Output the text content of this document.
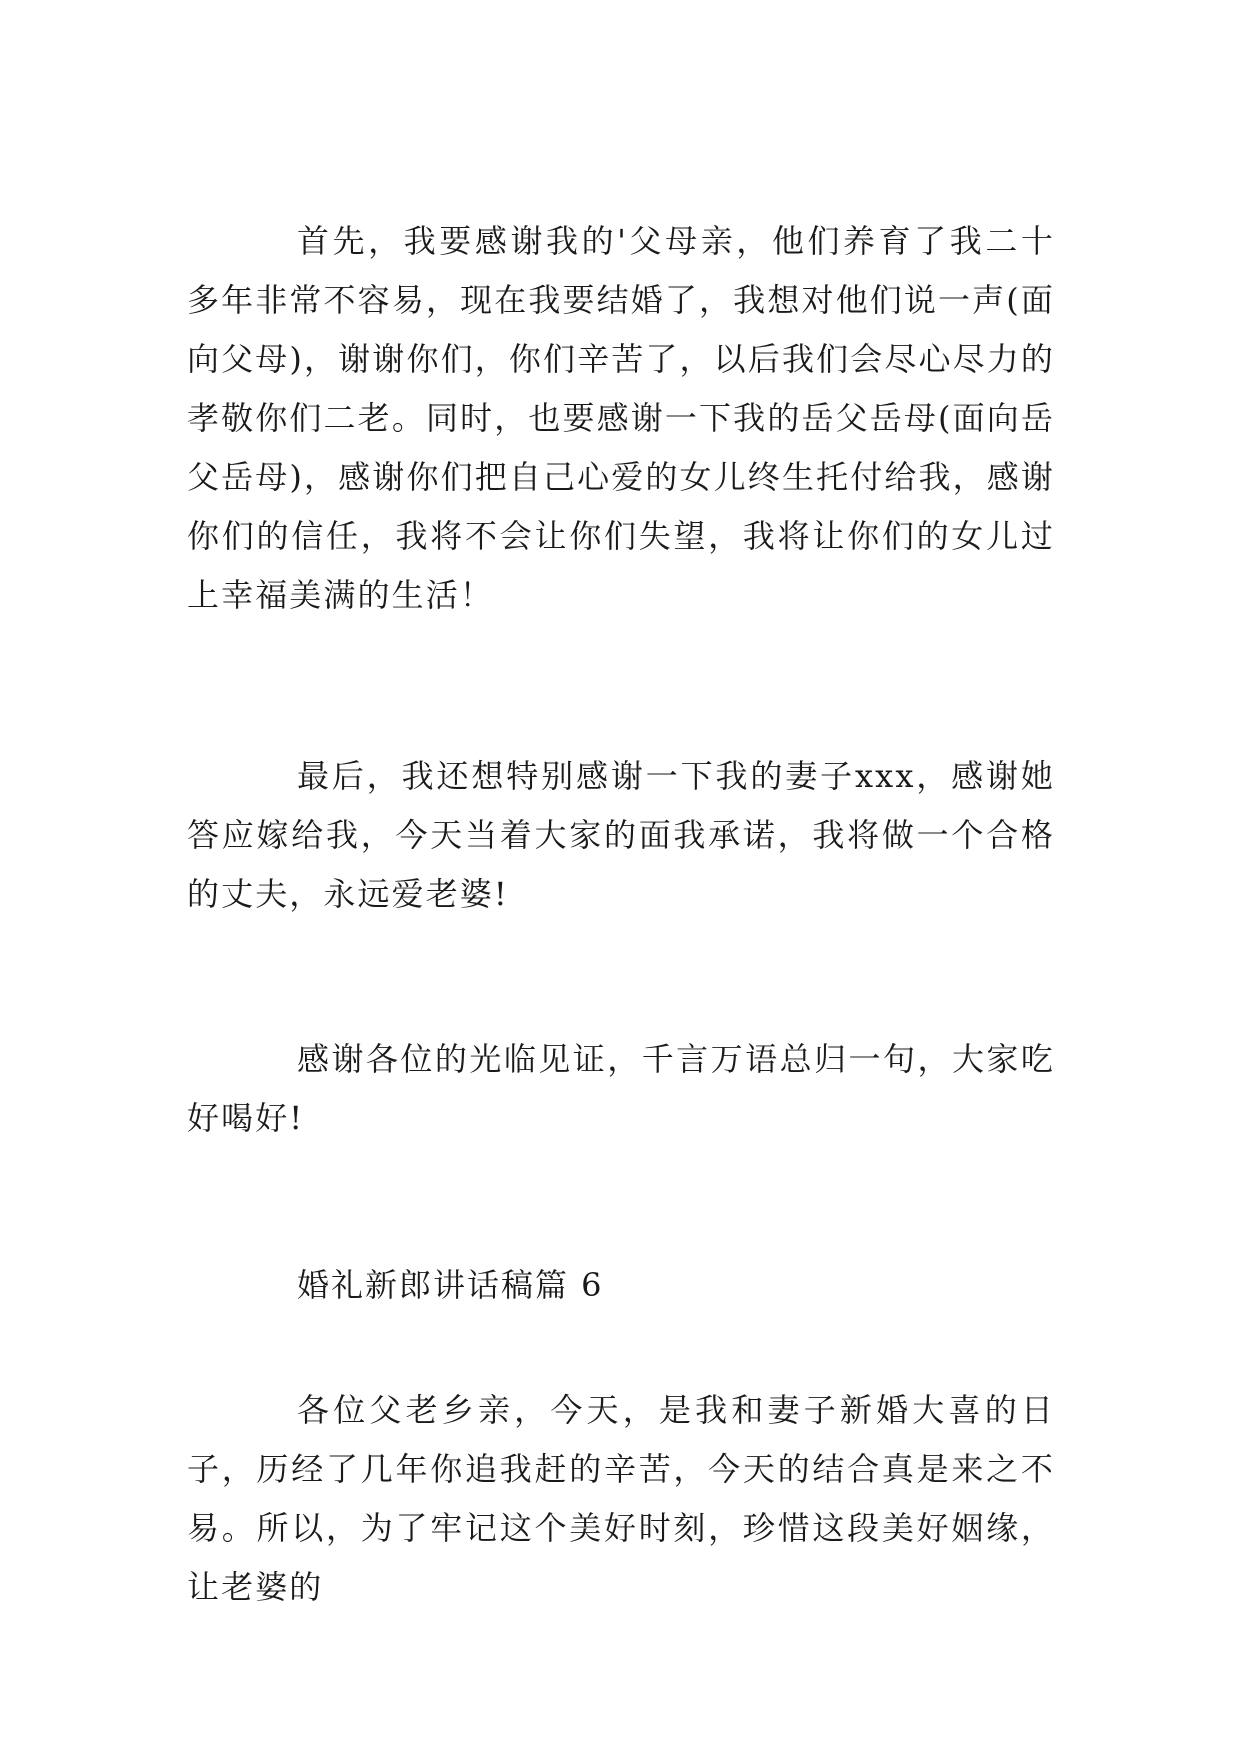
首先，我要感谢我的'父母亲，他们养育了我二十多年非常不容易，现在我要结婚了，我想对他们说一声(面向父母)，谢谢你们，你们辛苦了，以后我们会尽心尽力的孝敬你们二老。同时，也要感谢一下我的岳父岳母(面向岳父岳母)，感谢你们把自己心爱的女儿终生托付给我，感谢你们的信任，我将不会让你们失望，我将让你们的女儿过上幸福美满的生活！

最后，我还想特别感谢一下我的妻子xxx，感谢她答应嫁给我，今天当着大家的面我承诺，我将做一个合格的丈夫，永远爱老婆!

感谢各位的光临见证，千言万语总归一句，大家吃好喝好!

婚礼新郎讲话稿篇 6

各位父老乡亲，今天，是我和妻子新婚大喜的日子，历经了几年你追我赶的辛苦，今天的结合真是来之不易。所以，为了牢记这个美好时刻，珍惜这段美好姻缘，让老婆的
